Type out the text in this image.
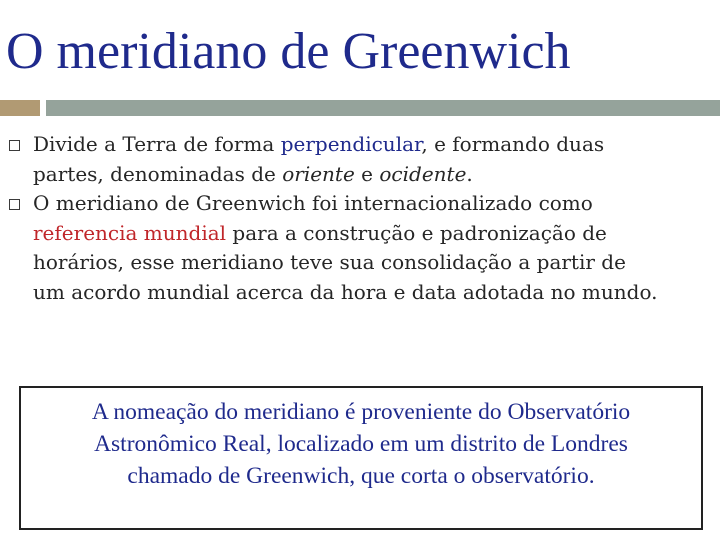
O meridiano de Greenwich
Divide a Terra de forma perpendicular, e formando duas
partes, denominadas de oriente e ocidente.
O meridiano de Greenwich foi internacionalizado como
referencia mundial para a construção e padronização de
horários, esse meridiano teve sua consolidação a partir de
um acordo mundial acerca da hora e data adotada no mundo.
A nomeação do meridiano é proveniente do Observatório
Astronômico Real, localizado em um distrito de Londres
chamado de Greenwich, que corta o observatório.
